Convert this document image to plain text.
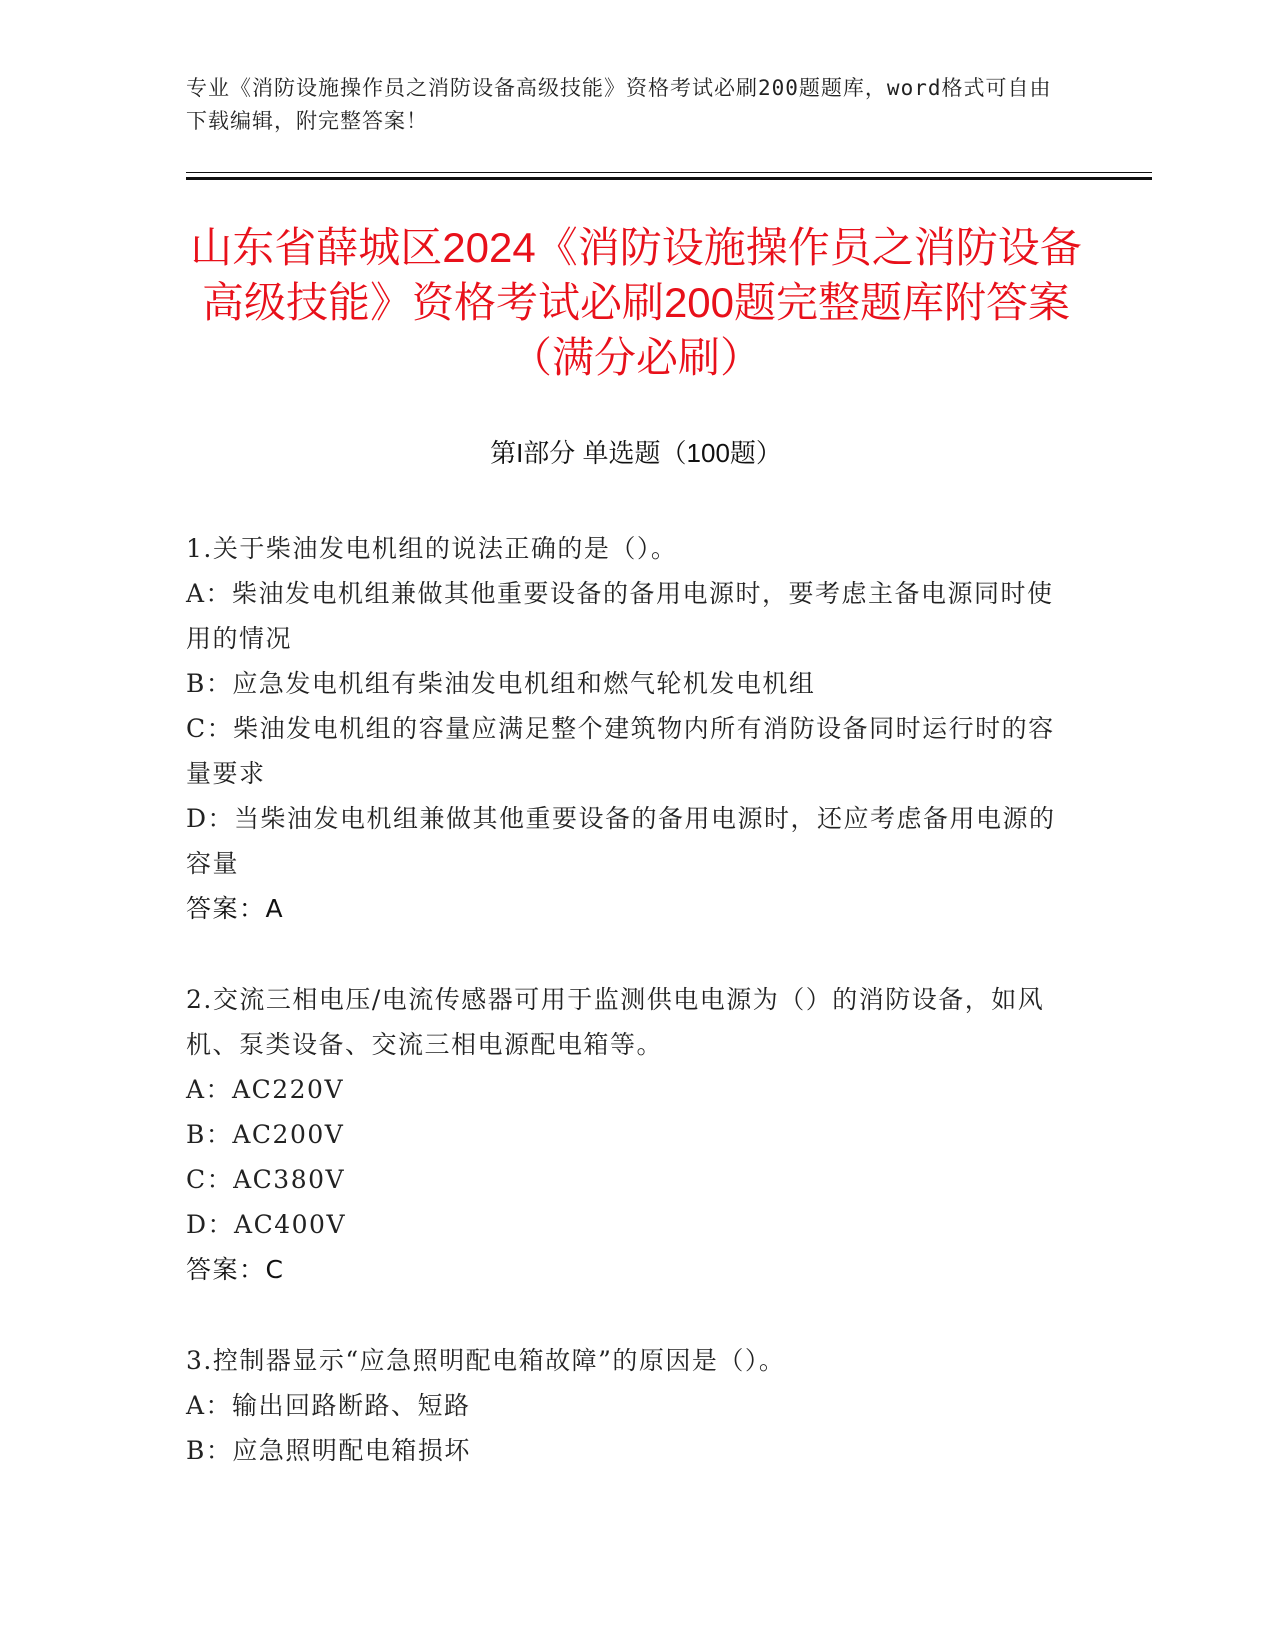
专业《消防设施操作员之消防设备高级技能》资格考试必刷200题题库，word格式可自由下载编辑，附完整答案！
山东省薛城区2024《消防设施操作员之消防设备高级技能》资格考试必刷200题完整题库附答案（满分必刷）
第I部分 单选题（100题）

1.关于柴油发电机组的说法正确的是（）。

A：柴油发电机组兼做其他重要设备的备用电源时，要考虑主备电源同时使用的情况

B：应急发电机组有柴油发电机组和燃气轮机发电机组

C：柴油发电机组的容量应满足整个建筑物内所有消防设备同时运行时的容量要求

D：当柴油发电机组兼做其他重要设备的备用电源时，还应考虑备用电源的容量

答案：A

2.交流三相电压/电流传感器可用于监测供电电源为（）的消防设备，如风机、泵类设备、交流三相电源配电箱等。

A：AC220V

B：AC200V

C：AC380V

D：AC400V

答案：C

3.控制器显示“应急照明配电箱故障”的原因是（）。

A：输出回路断路、短路

B：应急照明配电箱损坏
